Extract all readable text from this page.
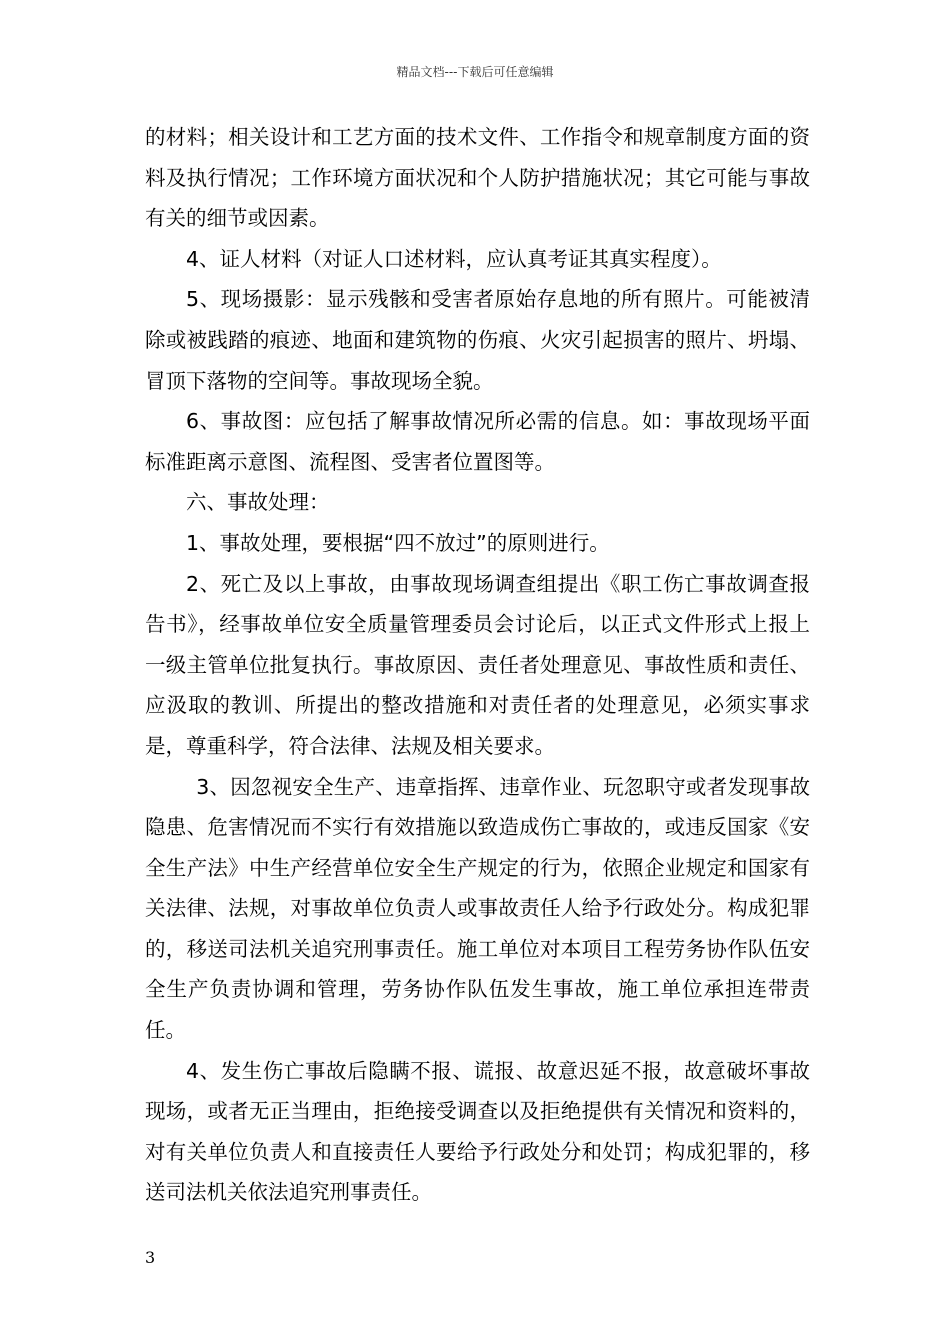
精品文档---下载后可任意编辑

的材料；相关设计和工艺方面的技术文件、工作指令和规章制度方面的资料及执行情况；工作环境方面状况和个人防护措施状况；其它可能与事故有关的细节或因素。

4、证人材料（对证人口述材料，应认真考证其真实程度）。

5、现场摄影：显示残骸和受害者原始存息地的所有照片。可能被清除或被践踏的痕迹、地面和建筑物的伤痕、火灾引起损害的照片、坍塌、冒顶下落物的空间等。事故现场全貌。

6、事故图：应包括了解事故情况所必需的信息。如：事故现场平面标准距离示意图、流程图、受害者位置图等。

六、事故处理：

1、事故处理，要根据“四不放过”的原则进行。

2、死亡及以上事故，由事故现场调查组提出《职工伤亡事故调查报告书》，经事故单位安全质量管理委员会讨论后，以正式文件形式上报上一级主管单位批复执行。事故原因、责任者处理意见、事故性质和责任、应汲取的教训、所提出的整改措施和对责任者的处理意见，必须实事求是，尊重科学，符合法律、法规及相关要求。

3、因忽视安全生产、违章指挥、违章作业、玩忽职守或者发现事故隐患、危害情况而不实行有效措施以致造成伤亡事故的，或违反国家《安全生产法》中生产经营单位安全生产规定的行为，依照企业规定和国家有关法律、法规，对事故单位负责人或事故责任人给予行政处分。构成犯罪的，移送司法机关追究刑事责任。施工单位对本项目工程劳务协作队伍安全生产负责协调和管理，劳务协作队伍发生事故，施工单位承担连带责任。

4、发生伤亡事故后隐瞒不报、谎报、故意迟延不报，故意破坏事故现场，或者无正当理由，拒绝接受调查以及拒绝提供有关情况和资料的，对有关单位负责人和直接责任人要给予行政处分和处罚；构成犯罪的，移送司法机关依法追究刑事责任。

3
